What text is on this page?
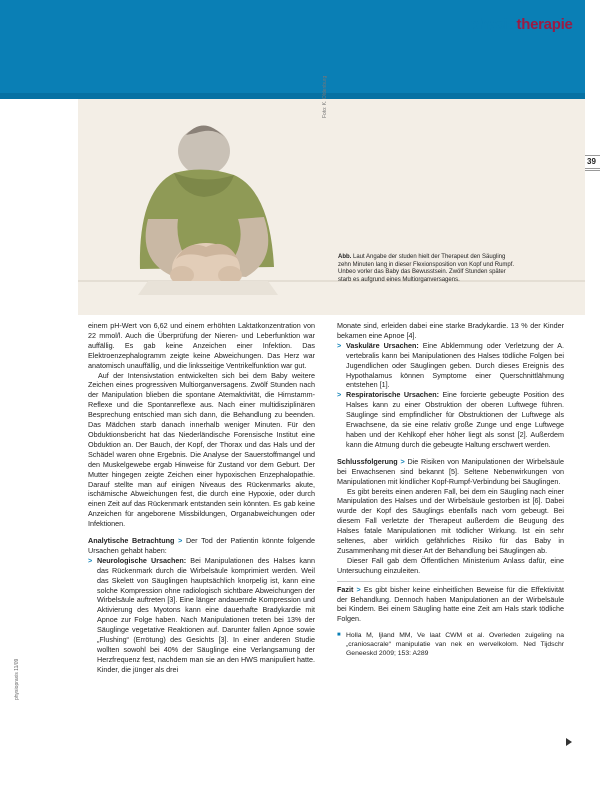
physiotherapie
39
Foto: K. Oldenburg
Abb. Laut Angabe der studen hielt der Therapeut den Säugling zehn Minuten lang in dieser Flexionsposition von Kopf und Rumpf. Unbeo vorler das Baby das Bewusstsein. Zwölf Stunden später starb es aufgrund eines Multiorganversagens.

einem pH-Wert von 6,62 und einem erhöhten Laktatkonzentration von 22 mmol/l. Auch die Überprüfung der Nieren- und Leberfunktion war auffällig. Es gab keine Anzeichen einer Infektion. Das Elektroenzephalogramm zeigte keine Abweichungen. Das Herz war anatomisch unauffällig, und die linksseitige Ventrikelfunktion war gut.

Auf der Intensivstation entwickelten sich bei dem Baby weitere Zeichen eines progressiven Multiorganversagens. Zwölf Stunden nach der Manipulation blieben die spontane Atemaktivität, die Hirnstamm-Reflexe und die Spontanreflexe aus. Nach einer multidisziplinären Besprechung entschied man sich dann, die Behandlung zu beenden. Das Mädchen starb danach innerhalb weniger Minuten. Für den Obduktionsbericht hat das Niederländische Forensische Institut eine Obduktion an. Der Bauch, der Kopf, der Thorax und das Hals und der Schädel waren ohne Ergebnis. Die Analyse der Sauerstoffmangel und den Muskelgewebe ergab Hinweise für Zustand vor dem Geburt. Der Mutter hingegen zeigte Zeichen einer hypoxischen Enzephalopathie. Darauf stellte man auf einigen Niveaus des Rückenmarks akute, ischämische Abweichungen fest, die durch eine Hypoxie, oder durch einen Zeit auf das Rückenmark entstanden sein könnten. Es gab keine Anzeichen für angeborene Missbildungen, Organabweichungen oder Infektionen.

Analytische Betrachtung > Der Tod der Patientin könnte folgende Ursachen gehabt haben:

> Neurologische Ursachen: Bei Manipulationen des Halses kann das Rückenmark durch die Wirbelsäule komprimiert werden. Weil das Skelett von Säuglingen hauptsächlich knorpelig ist, kann eine solche Kompression ohne radiologisch sichtbare Abweichungen der Wirbelsäule auftreten [3]. Eine länger andauernde Kompression und Aktivierung des Myotons kann eine dauerhafte Bradykardie mit Apnoe zur Folge haben. Nach Manipulationen treten bei 13% der Säuglinge vegetative Reaktionen auf. Darunter fallen Apnoe sowie „Flushing“ (Errötung) des Gesichts [3]. In einer anderen Studie wollten sowohl bei 40% der Säuglinge eine Verlangsamung der Herzfrequenz fest, nachdem man sie an den HWS manipuliert hatte. Kinder, die jünger als drei

Monate sind, erleiden dabei eine starke Bradykardie. 13 % der Kinder bekamen eine Apnoe [4].

> Vaskuläre Ursachen: Eine Abklemmung oder Verletzung der A. vertebralis kann bei Manipulationen des Halses tödliche Folgen bei Jugendlichen oder Säuglingen geben. Durch dieses Ereignis des Hypothalamus können Symptome einer Querschnittlähmung entstehen [1].

> Respiratorische Ursachen: Eine forcierte gebeugte Position des Halses kann zu einer Obstruktion der oberen Luftwege führen. Säuglinge sind empfindlicher für Obstruktionen der Luftwege als Erwachsene, da sie eine relativ große Zunge und enge Luftwege haben und der Kehlkopf eher höher liegt als sonst [2]. Außerdem kann die Atmung durch die gebeugte Haltung erschwert werden.

Schlussfolgerung > Die Risiken von Manipulationen der Wirbelsäule bei Erwachsenen sind bekannt [5]. Seltene Nebenwirkungen von Manipulationen mit kindlicher Kopf-Rumpf-Verbindung bei Säuglingen.

Es gibt bereits einen anderen Fall, bei dem ein Säugling nach einer Manipulation des Halses und der Wirbelsäule gestorben ist [6]. Dabei wurde der Kopf des Säuglings ebenfalls nach vorn gebeugt. Bei diesem Fall verletzte der Therapeut außerdem die Beugung des Halses fatale Manipulationen mit tödlicher Wirkung. Ist ein sehr seltenes, aber wirklich gefährliches Risiko für das Baby in Zusammenhang mit dieser Art der Behandlung bei Säuglingen ab.

Dieser Fall gab dem Öffentlichen Ministerium Anlass dafür, eine Untersuchung einzuleiten.

Fazit > Es gibt bisher keine einheitlichen Beweise für die Effektivität der Behandlung. Dennoch haben Manipulationen an der Wirbelsäule bei Kindern. Bei einem Säugling hatte eine Zeit am Hals stark tödliche Folgen.

■ Holla M, Ijland MM, Ve laat CWM et al. Overleden zuigeling na „craniosacrale“ manipulatie van nek en wervelkolom. Ned Tijdschr Geneeskd 2009; 153: A289

physiopraxis 11/09
